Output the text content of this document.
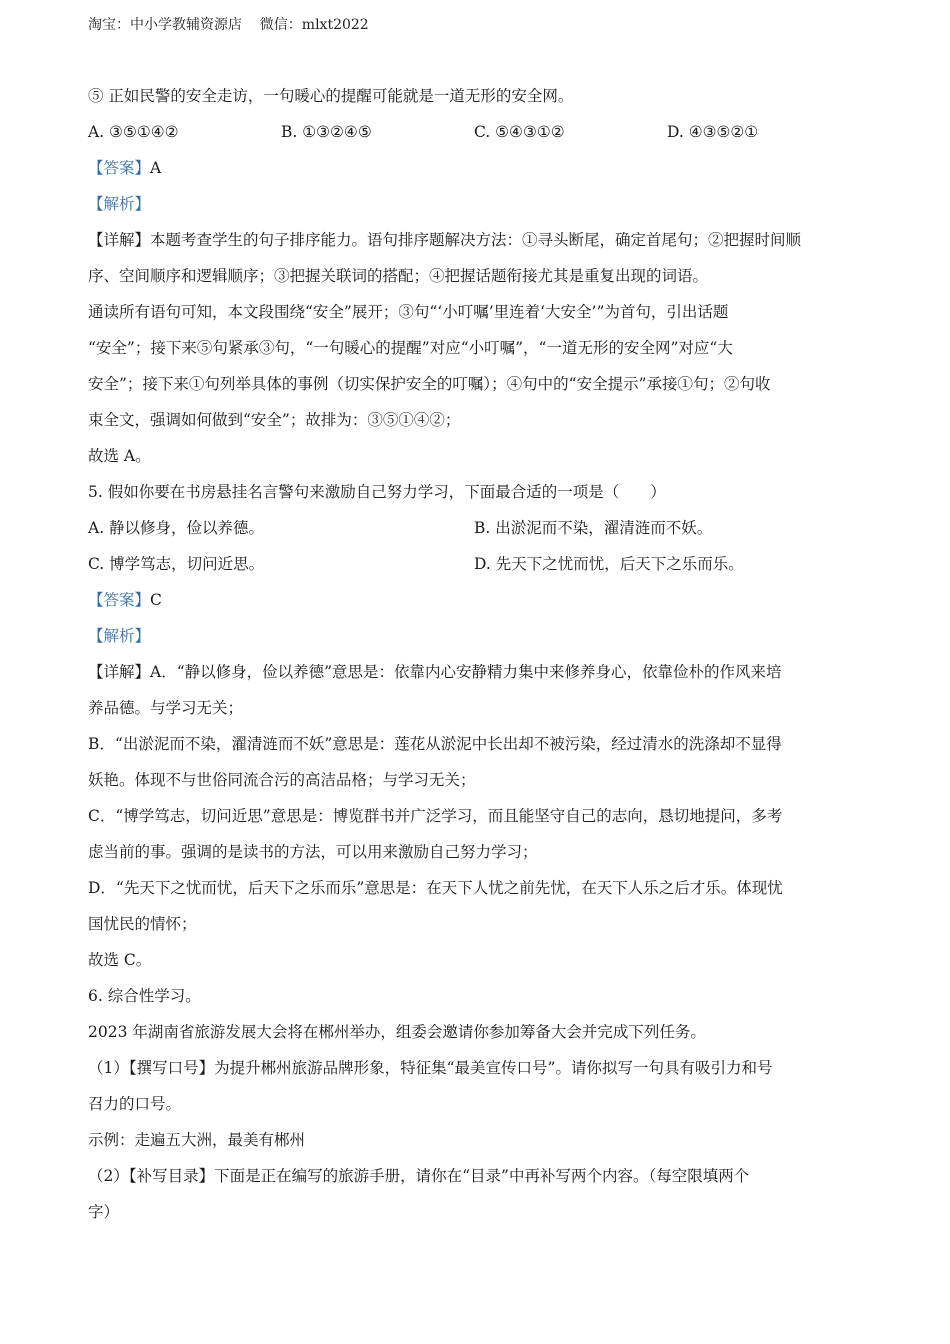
淘宝：中小学教辅资源店    微信：mlxt2022
⑤ 正如民警的安全走访，一句暖心的提醒可能就是一道无形的安全网。
A. ③⑤①④②	B. ①③②④⑤	C. ⑤④③①②	D. ④③⑤②①
【答案】A
【解析】
【详解】本题考查学生的句子排序能力。语句排序题解决方法：①寻头断尾，确定首尾句；②把握时间顺
序、空间顺序和逻辑顺序；③把握关联词的搭配；④把握话题衔接尤其是重复出现的词语。
通读所有语句可知，本文段围绕“安全”展开；③句“‘小叮嘱’里连着‘大安全’”为首句，引出话题
“安全”；接下来⑤句紧承③句，“一句暖心的提醒”对应“小叮嘱”，“一道无形的安全网”对应“大
安全”；接下来①句列举具体的事例（切实保护安全的叮嘱）；④句中的“安全提示”承接①句；②句收
束全文，强调如何做到“安全”；故排为：③⑤①④②；
故选 A。
5. 假如你要在书房悬挂名言警句来激励自己努力学习，下面最合适的一项是（　　）
A. 静以修身，俭以养德。	B. 出淤泥而不染，濯清涟而不妖。
C. 博学笃志，切问近思。	D. 先天下之忧而忧，后天下之乐而乐。
【答案】C
【解析】
【详解】A．“静以修身，俭以养德”意思是：依靠内心安静精力集中来修养身心，依靠俭朴的作风来培
养品德。与学习无关；
B．“出淤泥而不染，濯清涟而不妖”意思是：莲花从淤泥中长出却不被污染，经过清水的洗涤却不显得
妖艳。体现不与世俗同流合污的高洁品格；与学习无关；
C．“博学笃志，切问近思”意思是：博览群书并广泛学习，而且能坚守自己的志向，恳切地提问，多考
虑当前的事。强调的是读书的方法，可以用来激励自己努力学习；
D．“先天下之忧而忧，后天下之乐而乐”意思是：在天下人忧之前先忧，在天下人乐之后才乐。体现忧
国忧民的情怀；
故选 C。
6. 综合性学习。
2023 年湖南省旅游发展大会将在郴州举办，组委会邀请你参加筹备大会并完成下列任务。
（1）【撰写口号】为提升郴州旅游品牌形象，特征集“最美宣传口号”。请你拟写一句具有吸引力和号
召力的口号。
示例：走遍五大洲，最美有郴州
（2）【补写目录】下面是正在编写的旅游手册，请你在“目录”中再补写两个内容。（每空限填两个
字）
